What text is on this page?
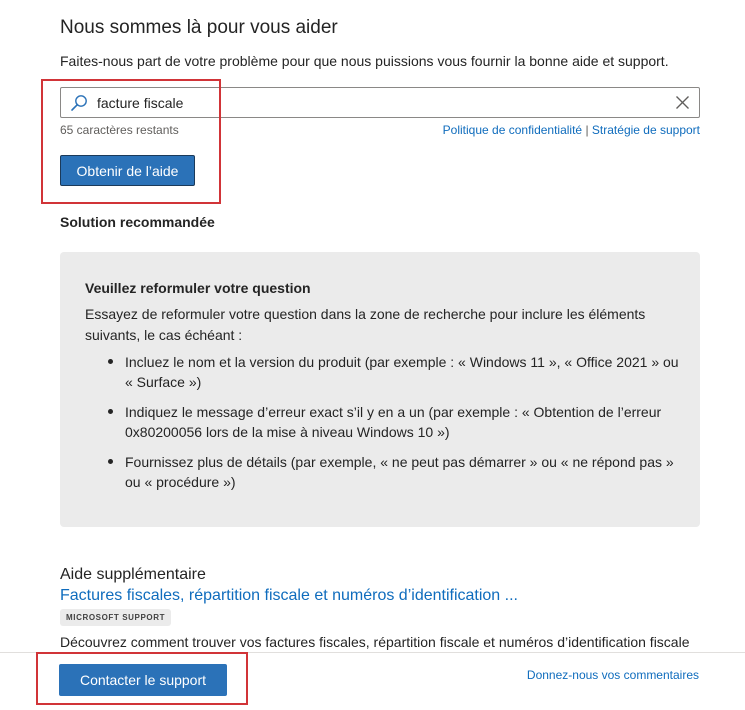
Nous sommes là pour vous aider
Faites-nous part de votre problème pour que nous puissions vous fournir la bonne aide et support.
facture fiscale
65 caractères restants	Politique de confidentialité | Stratégie de support
Obtenir de l’aide
Solution recommandée
Veuillez reformuler votre question
Essayez de reformuler votre question dans la zone de recherche pour inclure les éléments suivants, le cas échéant :
Incluez le nom et la version du produit (par exemple : « Windows 11 », « Office 2021 » ou « Surface »)
Indiquez le message d’erreur exact s’il y en a un (par exemple : « Obtention de l’erreur 0x80200056 lors de la mise à niveau Windows 10 »)
Fournissez plus de détails (par exemple, « ne peut pas démarrer » ou « ne répond pas » ou « procédure »)
Aide supplémentaire
Factures fiscales, répartition fiscale et numéros d’identification ...
MICROSOFT SUPPORT
Découvrez comment trouver vos factures fiscales, répartition fiscale et numéros d’identification fiscale
Contacter le support	Donnez-nous vos commentaires
